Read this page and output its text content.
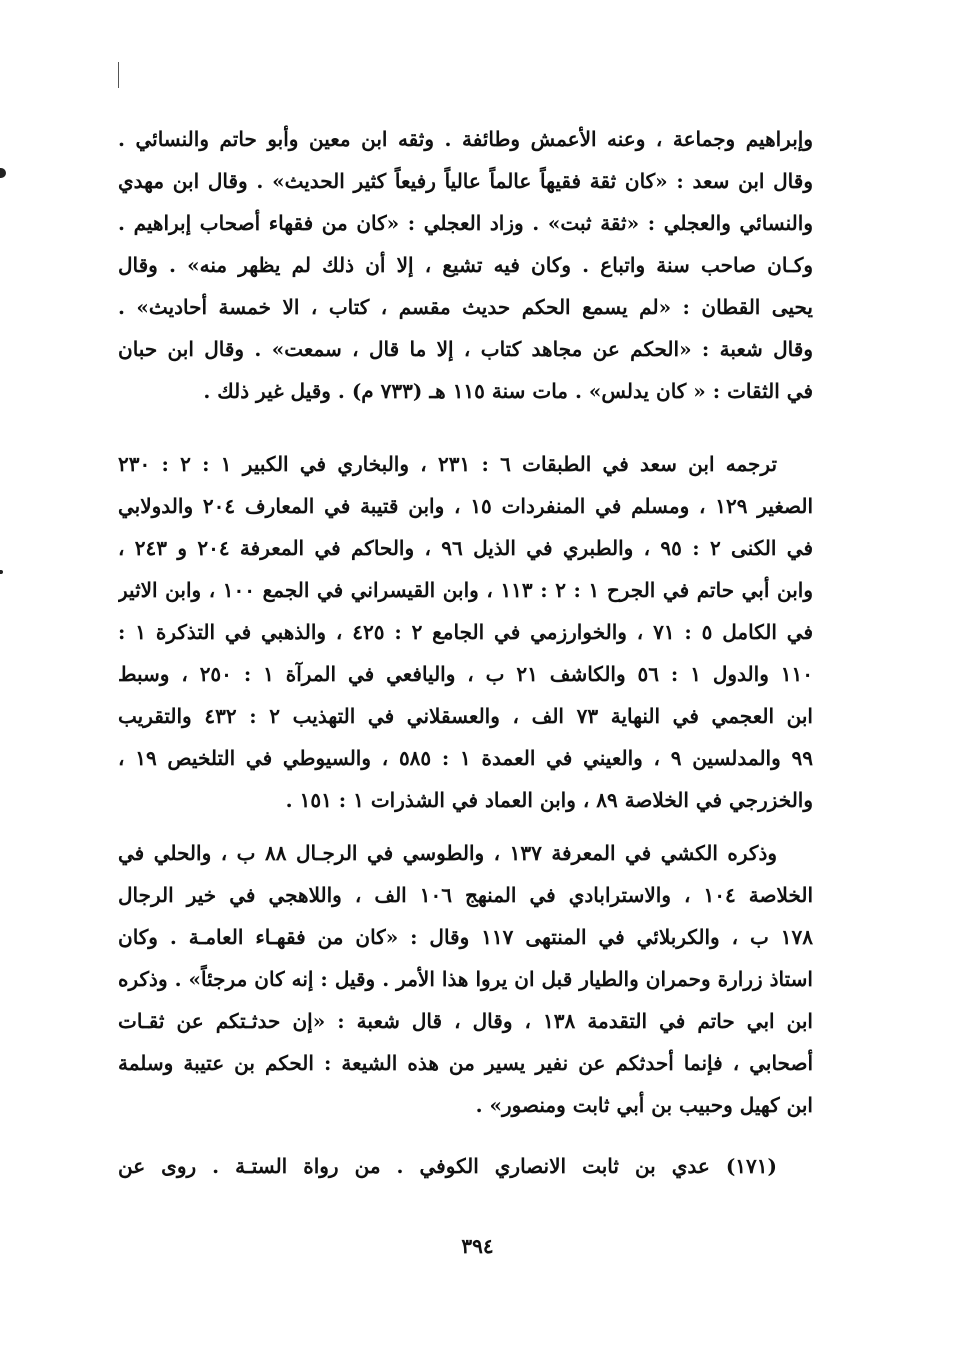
وإبراهيم وجماعة ، وعنه الأعمش وطائفة . وثقه ابن معين وأبو حاتم والنسائي .
وقال ابن سعد : «كان ثقة فقيهاً عالماً عالياً رفيعاً كثير الحديث» . وقال ابن مهدي
والنسائي والعجلي : «ثقة ثبت» . وزاد العجلي : «كان من فقهاء أصحاب إبراهيم .
وكـان صاحب سنة واتباع . وكان فيه تشيع ، إلا أن ذلك لم يظهر منه» . وقال
يحيى القطان : «لم يسمع الحكم حديث مقسم ، كتاب ، الا خمسة أحاديث» .
وقال شعبة : «الحكم عن مجاهد كتاب ، إلا ما قال ، سمعت» . وقال ابن حبان
في الثقات : « كان يدلس» . مات سنة ١١٥ هـ (٧٣٣ م) . وقيل غير ذلك .
ترجمه ابن سعد في الطبقات ٦ : ٢٣١ ، والبخاري في الكبير ١ : ٢ : ٢٣٠
الصغير ١٢٩ ، ومسلم في المنفردات ١٥ ، وابن قتيبة في المعارف ٢٠٤ والدولابي
في الكنى ٢ : ٩٥ ، والطبري في الذيل ٩٦ ، والحاكم في المعرفة ٢٠٤ و ٢٤٣ ،
وابن أبي حاتم في الجرح ١ : ٢ : ١١٣ ، وابن القيسراني في الجمع ١٠٠ ، وابن الاثير
في الكامل ٥ : ٧١ ، والخوارزمي في الجامع ٢ : ٤٢٥ ، والذهبي في التذكرة ١ :
١١٠ والدول ١ : ٥٦ والكاشف ٢١ ب ، واليافعي في المرآة ١ : ٢٥٠ ، وسبط
ابن العجمي في النهاية ٧٣ الف ، والعسقلاني في التهذيب ٢ : ٤٣٢ والتقريب
٩٩ والمدلسين ٩ ، والعيني في العمدة ١ : ٥٨٥ ، والسيوطي في التلخيص ١٩ ،
والخزرجي في الخلاصة ٨٩ ، وابن العماد في الشذرات ١ : ١٥١ .
وذكره الكشي في المعرفة ١٣٧ ، والطوسي في الرجـال ٨٨ ب ، والحلي في
الخلاصة ١٠٤ ، والاسترابادي في المنهج ١٠٦ الف ، واللاهجي في خير الرجال
١٧٨ ب ، والكربلائي في المنتهى ١١٧ وقال : «كان من فقهـاء العامـة . وكان
استاذ زرارة وحمران والطيار قبل ان يروا هذا الأمر . وقيل : إنه كان مرجئاً» . وذكره
ابن ابي حاتم في التقدمة ١٣٨ ، وقال ، قال شعبة : «إن حدثـتكم عن ثقـات
أصحابي ، فإنما أحدثكم عن نفير يسير من هذه الشيعة : الحكم بن عتيبة وسلمة
ابن كهيل وحبيب بن أبي ثابت ومنصور» .
(١٧١) عدي بن ثابت الانصاري الكوفي . من رواة الستـة . روى عن
٣٩٤
